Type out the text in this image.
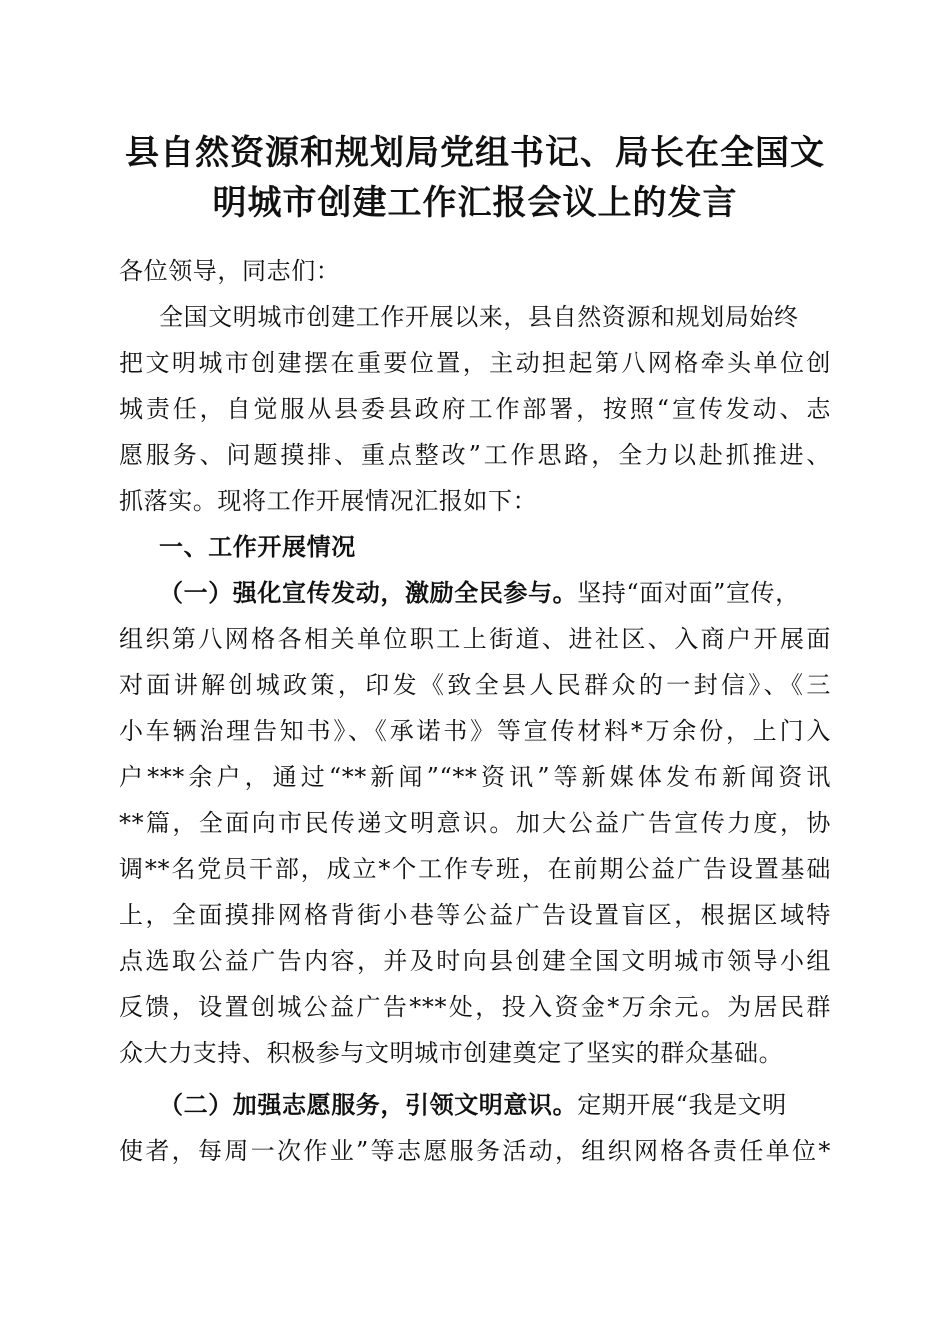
县自然资源和规划局党组书记、局长在全国文
明城市创建工作汇报会议上的发言
各位领导，同志们：
全国文明城市创建工作开展以来，县自然资源和规划局始终
把文明城市创建摆在重要位置，主动担起第八网格牵头单位创
城责任，自觉服从县委县政府工作部署，按照“宣传发动、志
愿服务、问题摸排、重点整改”工作思路，全力以赴抓推进、
抓落实。现将工作开展情况汇报如下：
一、工作开展情况
（一）强化宣传发动，激励全民参与。坚持“面对面”宣传，
组织第八网格各相关单位职工上街道、进社区、入商户开展面
对面讲解创城政策，印发《致全县人民群众的一封信》、《三
小车辆治理告知书》、《承诺书》等宣传材料*万余份，上门入
户***余户，通过“**新闻”“**资讯”等新媒体发布新闻资讯
**篇，全面向市民传递文明意识。加大公益广告宣传力度，协
调**名党员干部，成立*个工作专班，在前期公益广告设置基础
上，全面摸排网格背街小巷等公益广告设置盲区，根据区域特
点选取公益广告内容，并及时向县创建全国文明城市领导小组
反馈，设置创城公益广告***处，投入资金*万余元。为居民群
众大力支持、积极参与文明城市创建奠定了坚实的群众基础。
（二）加强志愿服务，引领文明意识。定期开展“我是文明
使者，每周一次作业”等志愿服务活动，组织网格各责任单位*
